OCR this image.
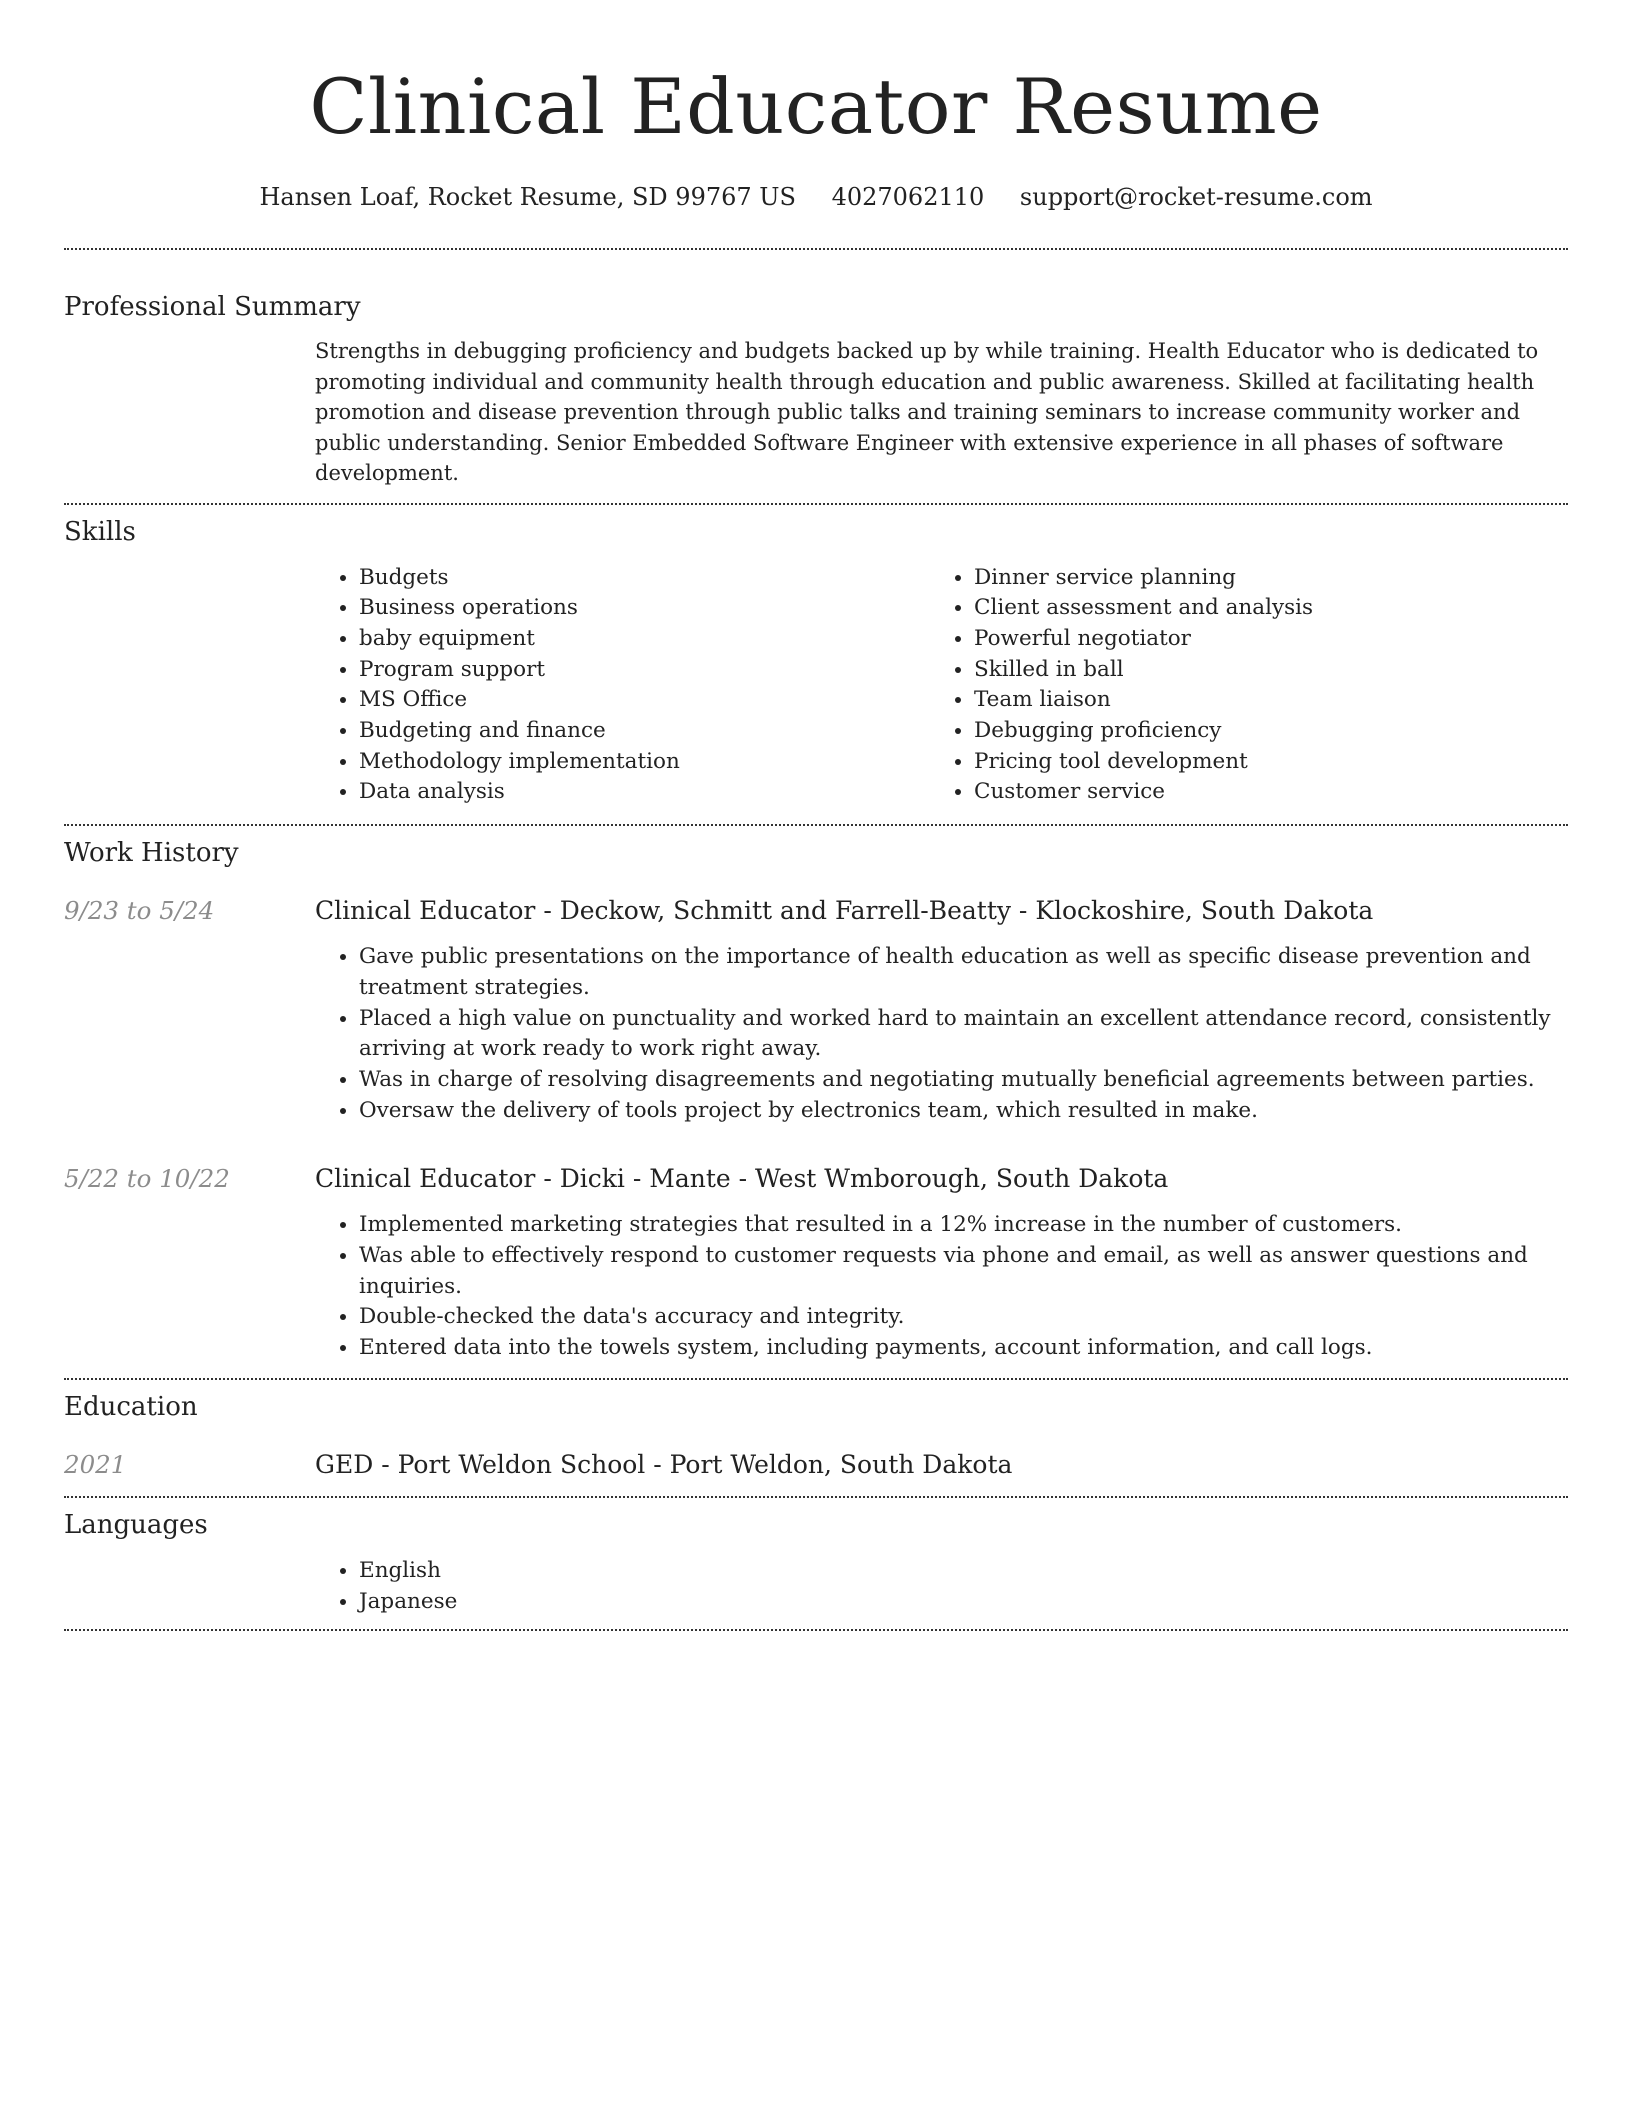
Clinical Educator Resume
Hansen Loaf, Rocket Resume, SD 99767 US 4027062110 support@rocket-resume.com
Professional Summary

Strengths in debugging proficiency and budgets backed up by while training. Health Educator who is dedicated to promoting individual and community health through education and public awareness. Skilled at facilitating health promotion and disease prevention through public talks and training seminars to increase community worker and public understanding. Senior Embedded Software Engineer with extensive experience in all phases of software development.

Skills
• Budgets
• Business operations
• baby equipment
• Program support
• MS Office
• Budgeting and finance
• Methodology implementation
• Data analysis
• Dinner service planning
• Client assessment and analysis
• Powerful negotiator
• Skilled in ball
• Team liaison
• Debugging proficiency
• Pricing tool development
• Customer service
Work History
9/23 to 5/24	Clinical Educator - Deckow, Schmitt and Farrell-Beatty - Klockoshire, South Dakota
• Gave public presentations on the importance of health education as well as specific disease prevention and treatment strategies.
• Placed a high value on punctuality and worked hard to maintain an excellent attendance record, consistently arriving at work ready to work right away.
• Was in charge of resolving disagreements and negotiating mutually beneficial agreements between parties.
• Oversaw the delivery of tools project by electronics team, which resulted in make.
5/22 to 10/22	Clinical Educator - Dicki - Mante - West Wmborough, South Dakota
• Implemented marketing strategies that resulted in a 12% increase in the number of customers.
• Was able to effectively respond to customer requests via phone and email, as well as answer questions and inquiries.
• Double-checked the data's accuracy and integrity.
• Entered data into the towels system, including payments, account information, and call logs.
Education
2021	GED - Port Weldon School - Port Weldon, South Dakota
Languages
• English
• Japanese
